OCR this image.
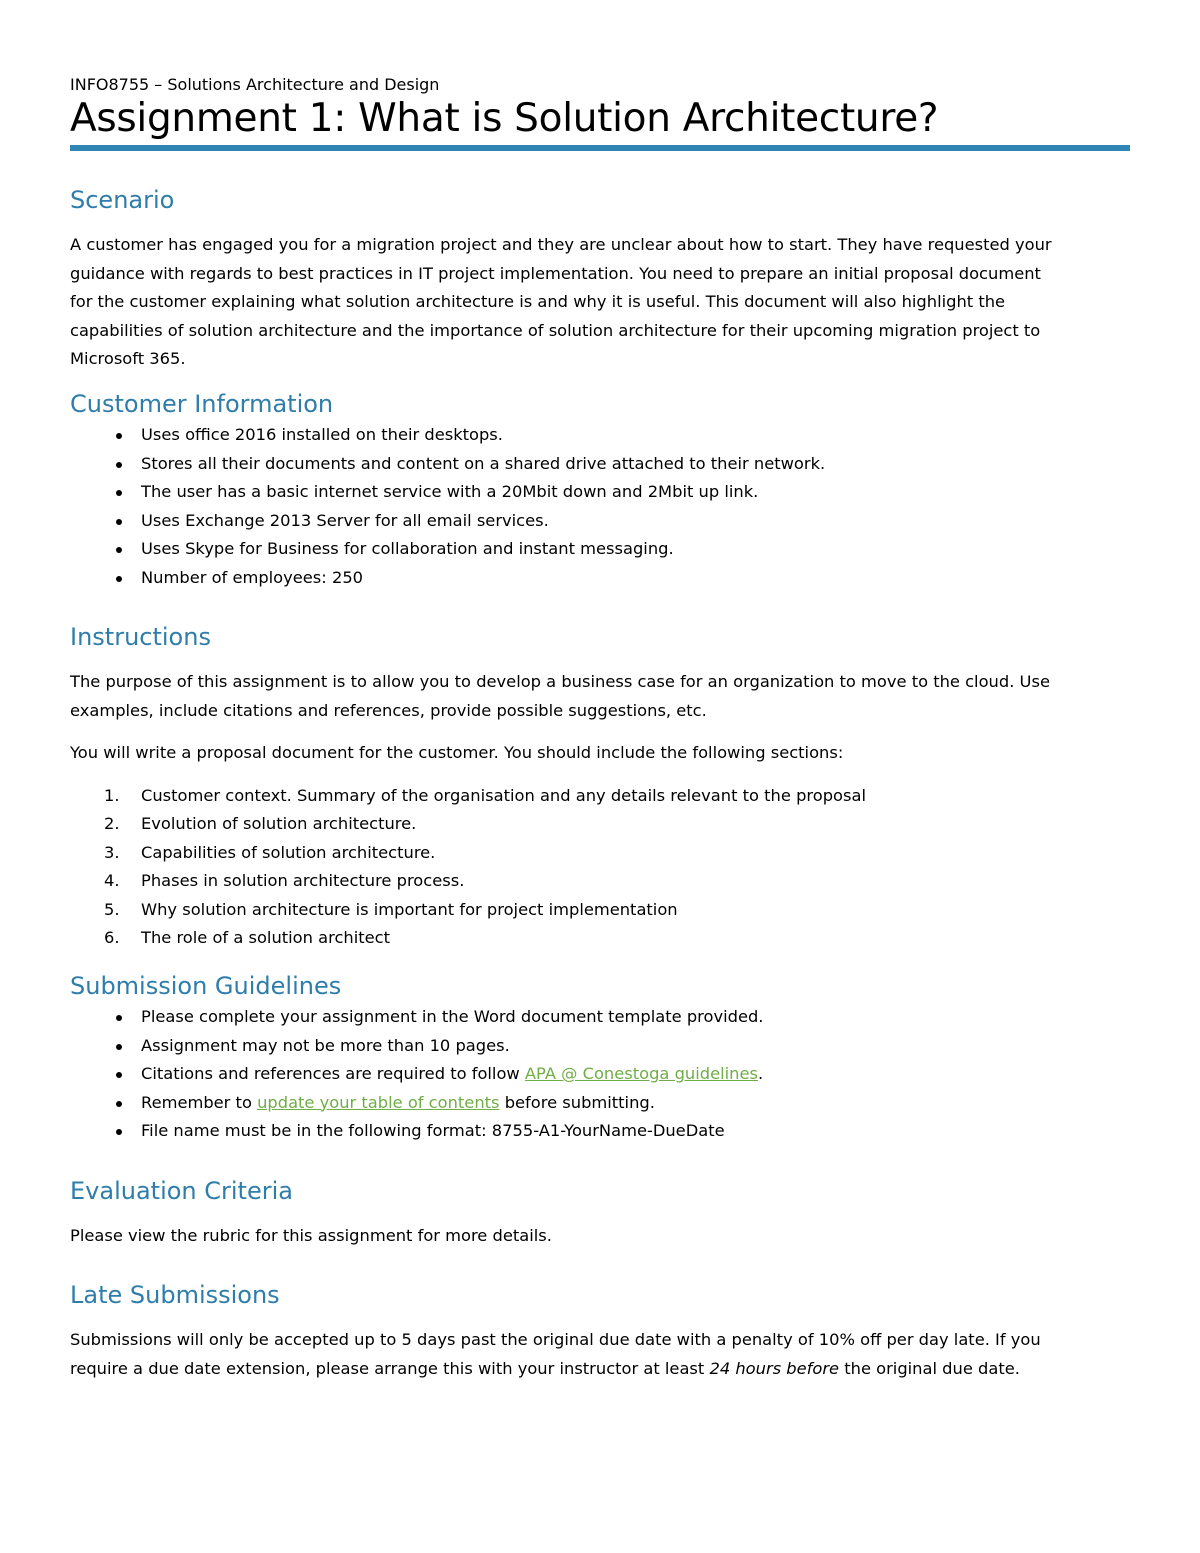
INFO8755 – Solutions Architecture and Design

Assignment 1: What is Solution Architecture?
Scenario

A customer has engaged you for a migration project and they are unclear about how to start. They have requested your

guidance with regards to best practices in IT project implementation. You need to prepare an initial proposal document

for the customer explaining what solution architecture is and why it is useful. This document will also highlight the

capabilities of solution architecture and the importance of solution architecture for their upcoming migration project to

Microsoft 365.

Customer Information
Uses office 2016 installed on their desktops.
Stores all their documents and content on a shared drive attached to their network.
The user has a basic internet service with a 20Mbit down and 2Mbit up link.
Uses Exchange 2013 Server for all email services.
Uses Skype for Business for collaboration and instant messaging.
Number of employees: 250
Instructions

The purpose of this assignment is to allow you to develop a business case for an organization to move to the cloud. Use

examples, include citations and references, provide possible suggestions, etc.

You will write a proposal document for the customer. You should include the following sections:

1.	Customer context. Summary of the organisation and any details relevant to the proposal
2.	Evolution of solution architecture.
3.	Capabilities of solution architecture.
4.	Phases in solution architecture process.
5.	Why solution architecture is important for project implementation
6.	The role of a solution architect
Submission Guidelines
Please complete your assignment in the Word document template provided.
Assignment may not be more than 10 pages.
Citations and references are required to follow APA @ Conestoga guidelines.
Remember to update your table of contents before submitting.
File name must be in the following format: 8755-A1-YourName-DueDate
Evaluation Criteria

Please view the rubric for this assignment for more details.

Late Submissions

Submissions will only be accepted up to 5 days past the original due date with a penalty of 10% off per day late. If you

require a due date extension, please arrange this with your instructor at least 24 hours before the original due date.
